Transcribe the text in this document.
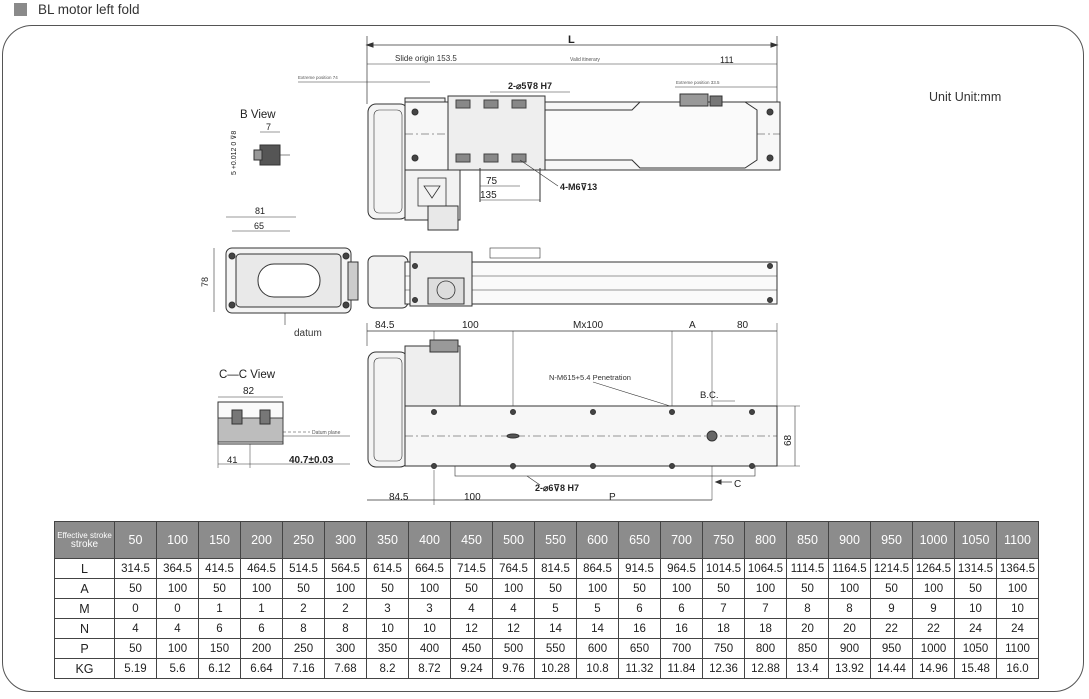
BL motor left fold
Unit Unit:mm
L
Slide origin 153.5	Valid itinerary	111
Extreme position 74
Extreme position 33.5
2-⌀5⊽8 H7
75
135
4-M6⊽13
B View
7
5 +0.012 0 ⊽8
81
65
78
datum
84.5	100	Mx100	A	80
N-M615+5.4 Penetration
B.C.
68
2-⌀6⊽8 H7
84.5	100	P
C
C—C View
82
Datum plane
41	40.7±0.03
Effective stroke
stroke	50	100	150	200	250	300	350	400	450	500	550	600	650	700	750	800	850	900	950	1000	1050	1100
L	314.5	364.5	414.5	464.5	514.5	564.5	614.5	664.5	714.5	764.5	814.5	864.5	914.5	964.5	1014.5	1064.5	1114.5	1164.5	1214.5	1264.5	1314.5	1364.5
A	50	100	50	100	50	100	50	100	50	100	50	100	50	100	50	100	50	100	50	100	50	100
M	0	0	1	1	2	2	3	3	4	4	5	5	6	6	7	7	8	8	9	9	10	10
N	4	4	6	6	8	8	10	10	12	12	14	14	16	16	18	18	20	20	22	22	24	24
P	50	100	150	200	250	300	350	400	450	500	550	600	650	700	750	800	850	900	950	1000	1050	1100
KG	5.19	5.6	6.12	6.64	7.16	7.68	8.2	8.72	9.24	9.76	10.28	10.8	11.32	11.84	12.36	12.88	13.4	13.92	14.44	14.96	15.48	16.0
